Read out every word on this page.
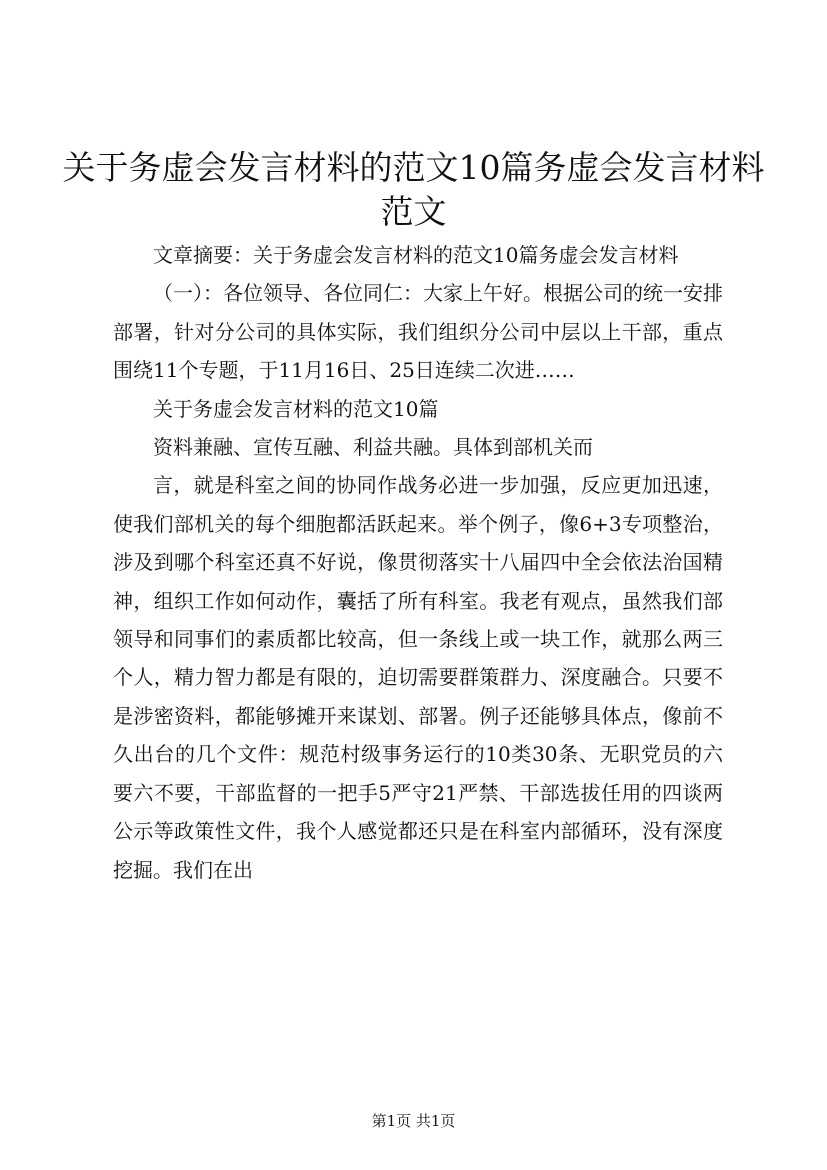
关于务虚会发言材料的范文10篇务虚会发言材料范文

文章摘要：关于务虚会发言材料的范文10篇务虚会发言材料

（一）：各位领导、各位同仁：大家上午好。根据公司的统一安排部署，针对分公司的具体实际，我们组织分公司中层以上干部，重点围绕11个专题，于11月16日、25日连续二次进……

关于务虚会发言材料的范文10篇

资料兼融、宣传互融、利益共融。具体到部机关而

言，就是科室之间的协同作战务必进一步加强，反应更加迅速，使我们部机关的每个细胞都活跃起来。举个例子，像6+3专项整治，涉及到哪个科室还真不好说，像贯彻落实十八届四中全会依法治国精神，组织工作如何动作，囊括了所有科室。我老有观点，虽然我们部领导和同事们的素质都比较高，但一条线上或一块工作，就那么两三个人，精力智力都是有限的，迫切需要群策群力、深度融合。只要不是涉密资料，都能够摊开来谋划、部署。例子还能够具体点，像前不久出台的几个文件：规范村级事务运行的10类30条、无职党员的六要六不要，干部监督的一把手5严守21严禁、干部选拔任用的四谈两公示等政策性文件，我个人感觉都还只是在科室内部循环，没有深度挖掘。我们在出

第1页 共1页
